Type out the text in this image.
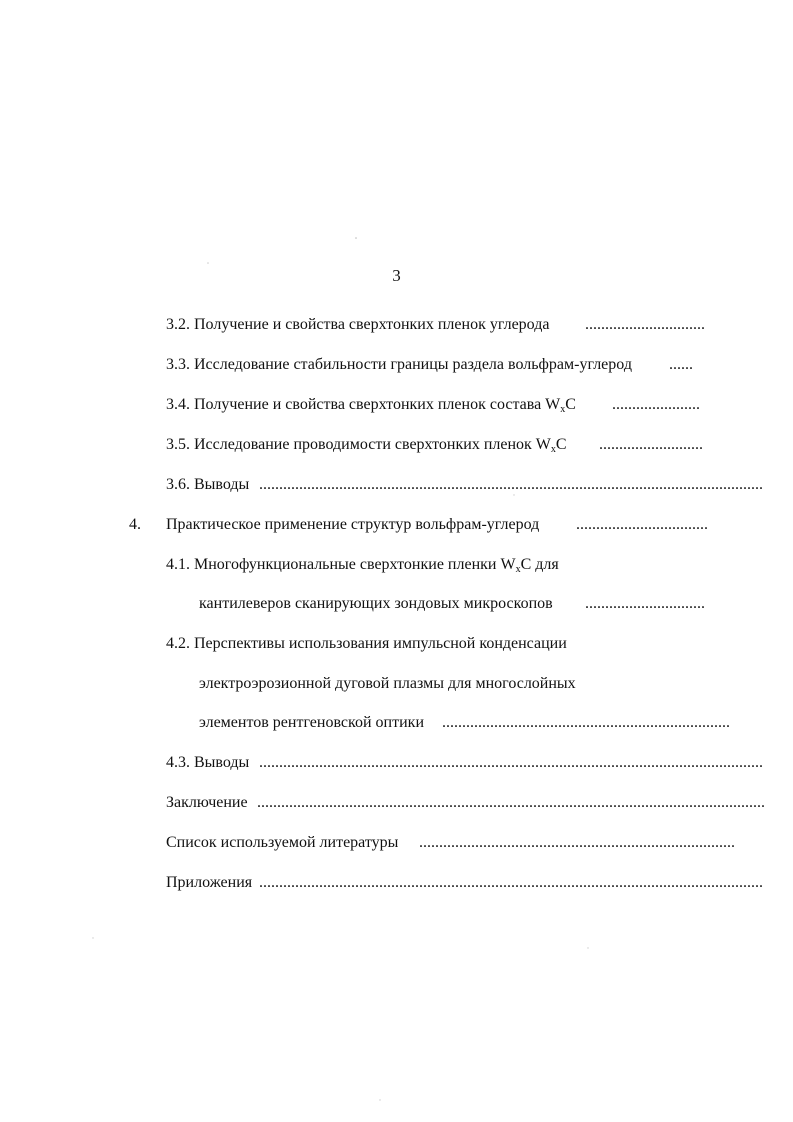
3
3.2. Получение и свойства сверхтонких пленок углерода ..............................
3.3. Исследование стабильности границы раздела вольфрам-углерод ......
3.4. Получение и свойства сверхтонких пленок состава $W_xC$ ......................
3.5. Исследование проводимости сверхтонких пленок $W_xC$ ..........................
3.6. Выводы ..............................................................................................................................
4. Практическое применение структур вольфрам-углерод .................................
4.1. Многофункциональные сверхтонкие пленки $W_xC$ для
кантилеверов сканирующих зондовых микроскопов ..............................
4.2. Перспективы использования импульсной конденсации
электроэрозионной дуговой плазмы для многослойных
элементов рентгеновской оптики ........................................................................
4.3. Выводы ..............................................................................................................................
Заключение ...............................................................................................................................
Список используемой литературы ...............................................................................
Приложения ..............................................................................................................................
